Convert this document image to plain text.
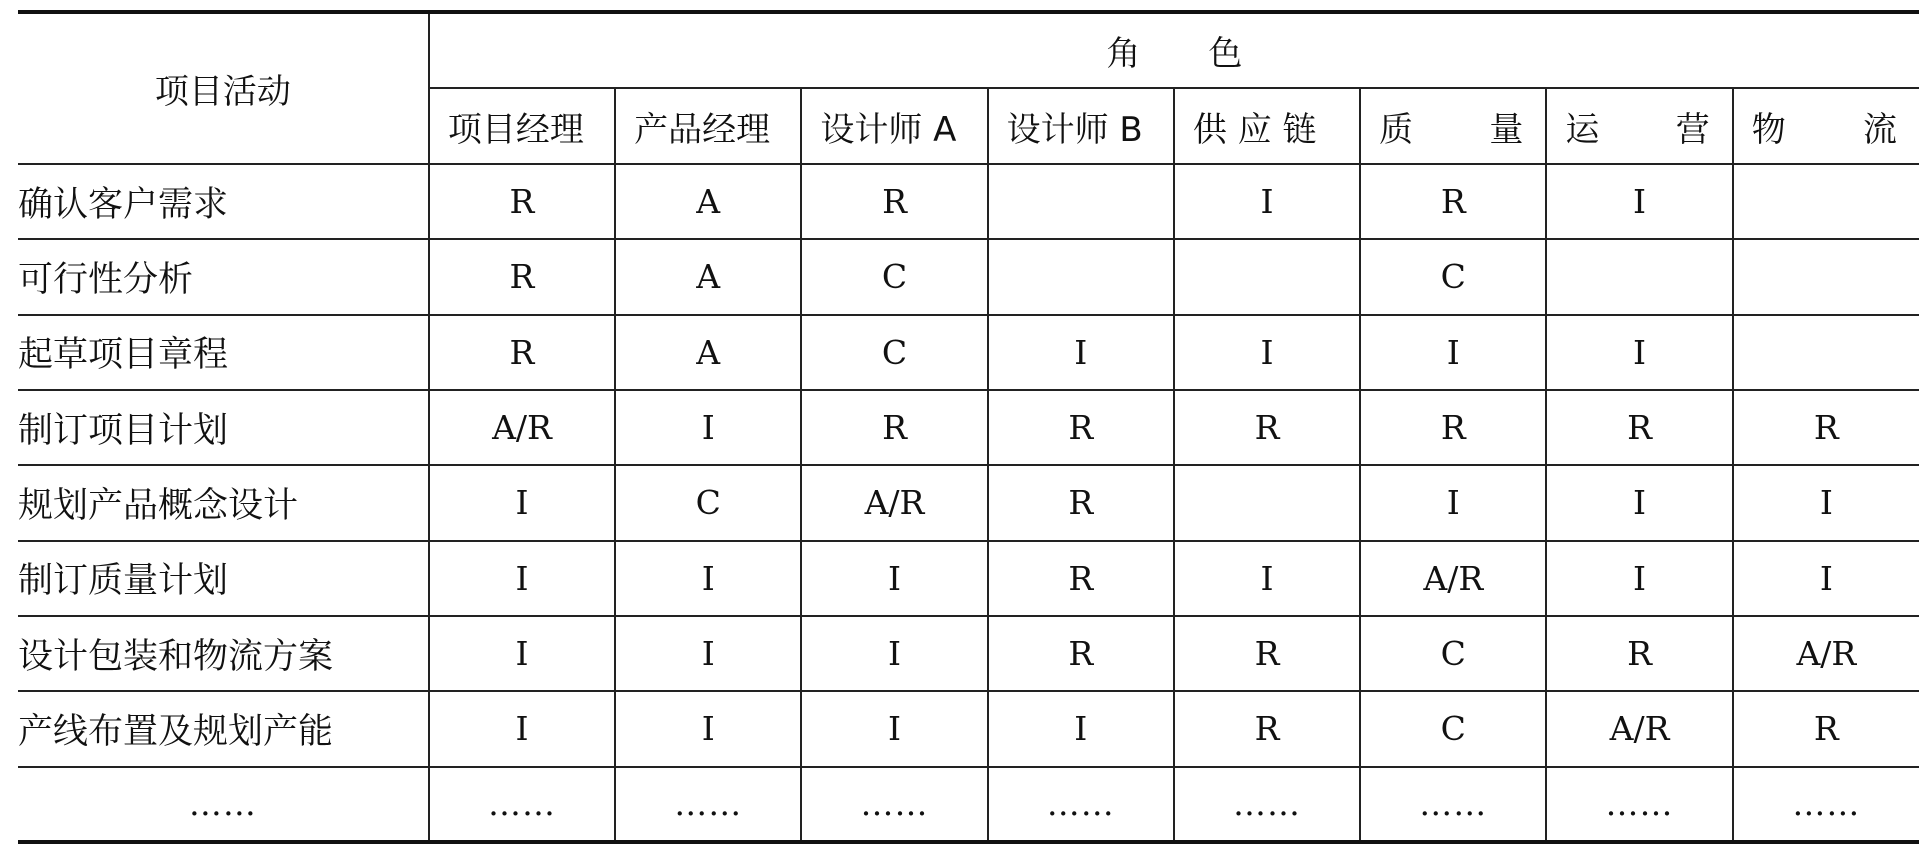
项目活动	角　　色							
	项目经理	产品经理	设计师 A	设计师 B	供 应 链	质 量	运 营	物 流

确认客户需求	R	A	R		I	R	I	
可行性分析	R	A	C			C		
起草项目章程	R	A	C	I	I	I	I	
制订项目计划	A/R	I	R	R	R	R	R	R
规划产品概念设计	I	C	A/R	R		I	I	I
制订质量计划	I	I	I	R	I	A/R	I	I
设计包装和物流方案	I	I	I	R	R	C	R	A/R
产线布置及规划产能	I	I	I	I	R	C	A/R	R
……	……	……	……	……	……	……	……	……
